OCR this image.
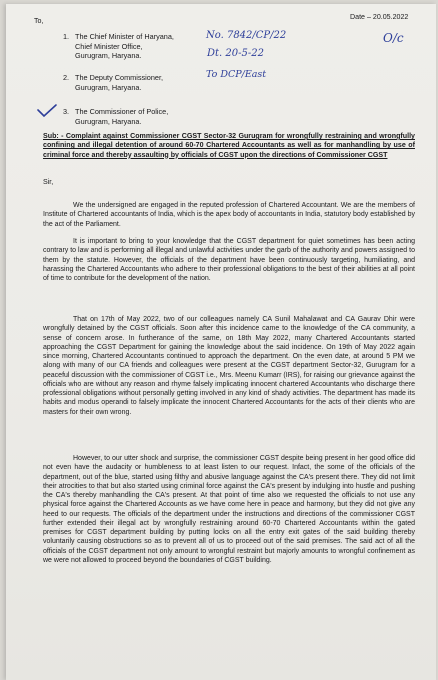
To,	Date – 20.05.2022
1. The Chief Minister of Haryana,
Chief Minister Office,
Gurugram, Haryana.
2. The Deputy Commissioner,
Gurugram, Haryana.
3. The Commissioner of Police,
Gurugram, Haryana.
No. 7842/CP/22
Dt. 20-5-22
To DCP/East
O/c
Sub: - Complaint against Commissioner CGST Sector-32 Gurugram for wrongfully restraining and wrongfully confining and illegal detention of around 60-70 Chartered Accountants as well as for manhandling by use of criminal force and thereby assaulting by officials of CGST upon the directions of Commissioner CGST
Sir,

We the undersigned are engaged in the reputed profession of Chartered Accountant. We are the members of Institute of Chartered accountants of India, which is the apex body of accountants in India, statutory body established by the act of the Parliament.

It is important to bring to your knowledge that the CGST department for quiet sometimes has been acting contrary to law and is performing all illegal and unlawful activities under the garb of the authority and powers assigned to them by the statute. However, the officials of the department have been continuously targeting, humiliating, and harassing the Chartered Accountants who adhere to their professional obligations to the best of their abilities at all point of time to contribute for the development of the nation.

That on 17th of May 2022, two of our colleagues namely CA Sunil Mahalawat and CA Gaurav Dhir were wrongfully detained by the CGST officials. Soon after this incidence came to the knowledge of the CA community, a sense of concern arose. In furtherance of the same, on 18th May 2022, many Chartered Accountants started approaching the CGST Department for gaining the knowledge about the said incidence. On 19th of May 2022 again since morning, Chartered Accountants continued to approach the department. On the even date, at around 5 PM we along with many of our CA friends and colleagues were present at the CGST department Sector-32, Gurugram for a peaceful discussion with the commissioner of CGST i.e., Mrs. Meenu Kumarr (IRS), for raising our grievance against the officials who are without any reason and rhyme falsely implicating innocent chartered Accountants who discharge there professional obligations without personally getting involved in any kind of shady activities. The department has made its habits and modus operandi to falsely implicate the innocent Chartered Accountants for the acts of their clients who are masters for their own wrong.

However, to our utter shock and surprise, the commissioner CGST despite being present in her good office did not even have the audacity or humbleness to at least listen to our request. Infact, the some of the officials of the department, out of the blue, started using filthy and abusive language against the CA's present there. They did not limit their atrocities to that but also started using criminal force against the CA's present by indulging into hustle and pushing the CA's thereby manhandling the CA's present. At that point of time also we requested the officials to not use any physical force against the Chartered Accounts as we have come here in peace and harmony, but they did not give any heed to our requests. The officials of the department under the instructions and directions of the commissioner CGST further extended their illegal act by wrongfully restraining around 60-70 Chartered Accountants within the gated premises for CGST department building by putting locks on all the entry exit gates of the said building thereby voluntarily causing obstructions so as to prevent all of us to proceed out of the said premises. The said act of all the officials of the CGST department not only amount to wrongful restraint but majorly amounts to wrongful confinement as we were not allowed to proceed beyond the boundaries of CGST building.
